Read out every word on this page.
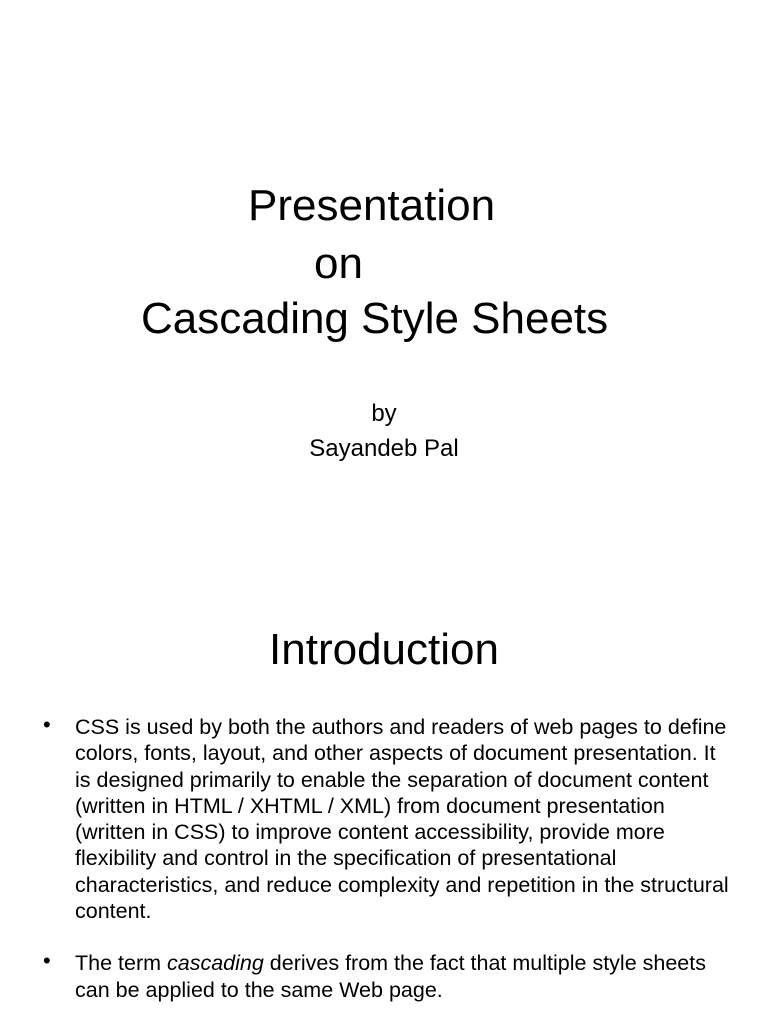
Presentation
on
Cascading Style Sheets
by
Sayandeb Pal
Introduction
• CSS is used by both the authors and readers of web pages to define colors, fonts, layout, and other aspects of document presentation. It is designed primarily to enable the separation of document content (written in HTML / XHTML / XML) from document presentation (written in CSS) to improve content accessibility, provide more flexibility and control in the specification of presentational characteristics, and reduce complexity and repetition in the structural content.
• The term cascading derives from the fact that multiple style sheets can be applied to the same Web page.
